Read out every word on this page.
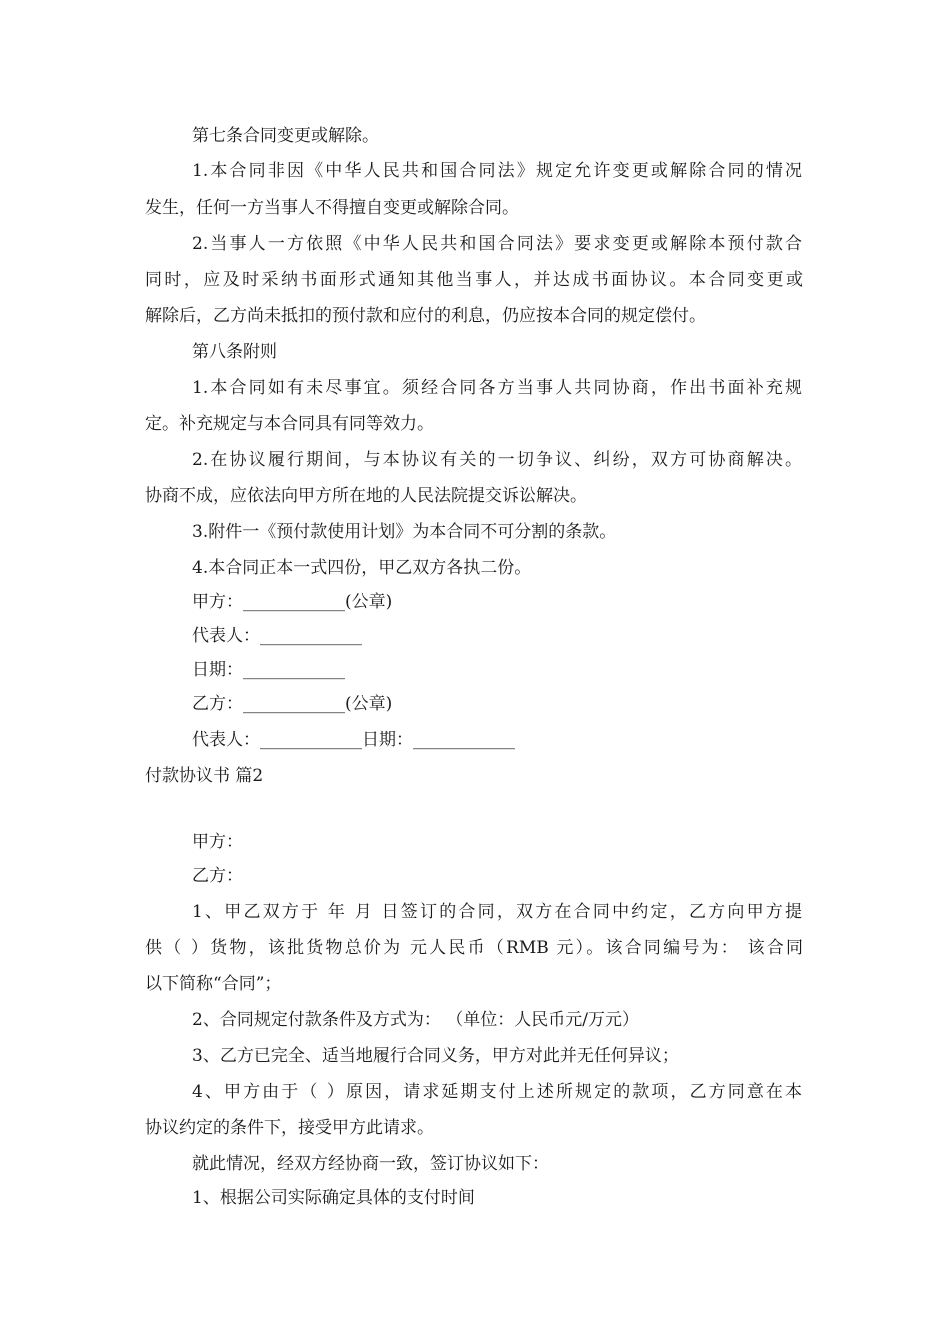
第七条合同变更或解除。
1.本合同非因《中华人民共和国合同法》规定允许变更或解除合同的情况
发生，任何一方当事人不得擅自变更或解除合同。
2.当事人一方依照《中华人民共和国合同法》要求变更或解除本预付款合
同时，应及时采纳书面形式通知其他当事人，并达成书面协议。本合同变更或
解除后，乙方尚未抵扣的预付款和应付的利息，仍应按本合同的规定偿付。
第八条附则
1.本合同如有未尽事宜。须经合同各方当事人共同协商，作出书面补充规
定。补充规定与本合同具有同等效力。
2.在协议履行期间，与本协议有关的一切争议、纠纷，双方可协商解决。
协商不成，应依法向甲方所在地的人民法院提交诉讼解决。
3.附件一《预付款使用计划》为本合同不可分割的条款。
4.本合同正本一式四份，甲乙双方各执二份。
甲方：____________(公章)
代表人：____________
日期：____________
乙方：____________(公章)
代表人：____________日期：____________
付款协议书 篇2
甲方：
乙方：
1、甲乙双方于 年 月 日签订的合同，双方在合同中约定，乙方向甲方提
供（ ）货物，该批货物总价为 元人民币（RMB 元）。该合同编号为： 该合同
以下简称“合同”；
2、合同规定付款条件及方式为： （单位：人民币元/万元）
3、乙方已完全、适当地履行合同义务，甲方对此并无任何异议；
4、甲方由于（ ）原因，请求延期支付上述所规定的款项，乙方同意在本
协议约定的条件下，接受甲方此请求。
就此情况，经双方经协商一致，签订协议如下：
1、根据公司实际确定具体的支付时间
